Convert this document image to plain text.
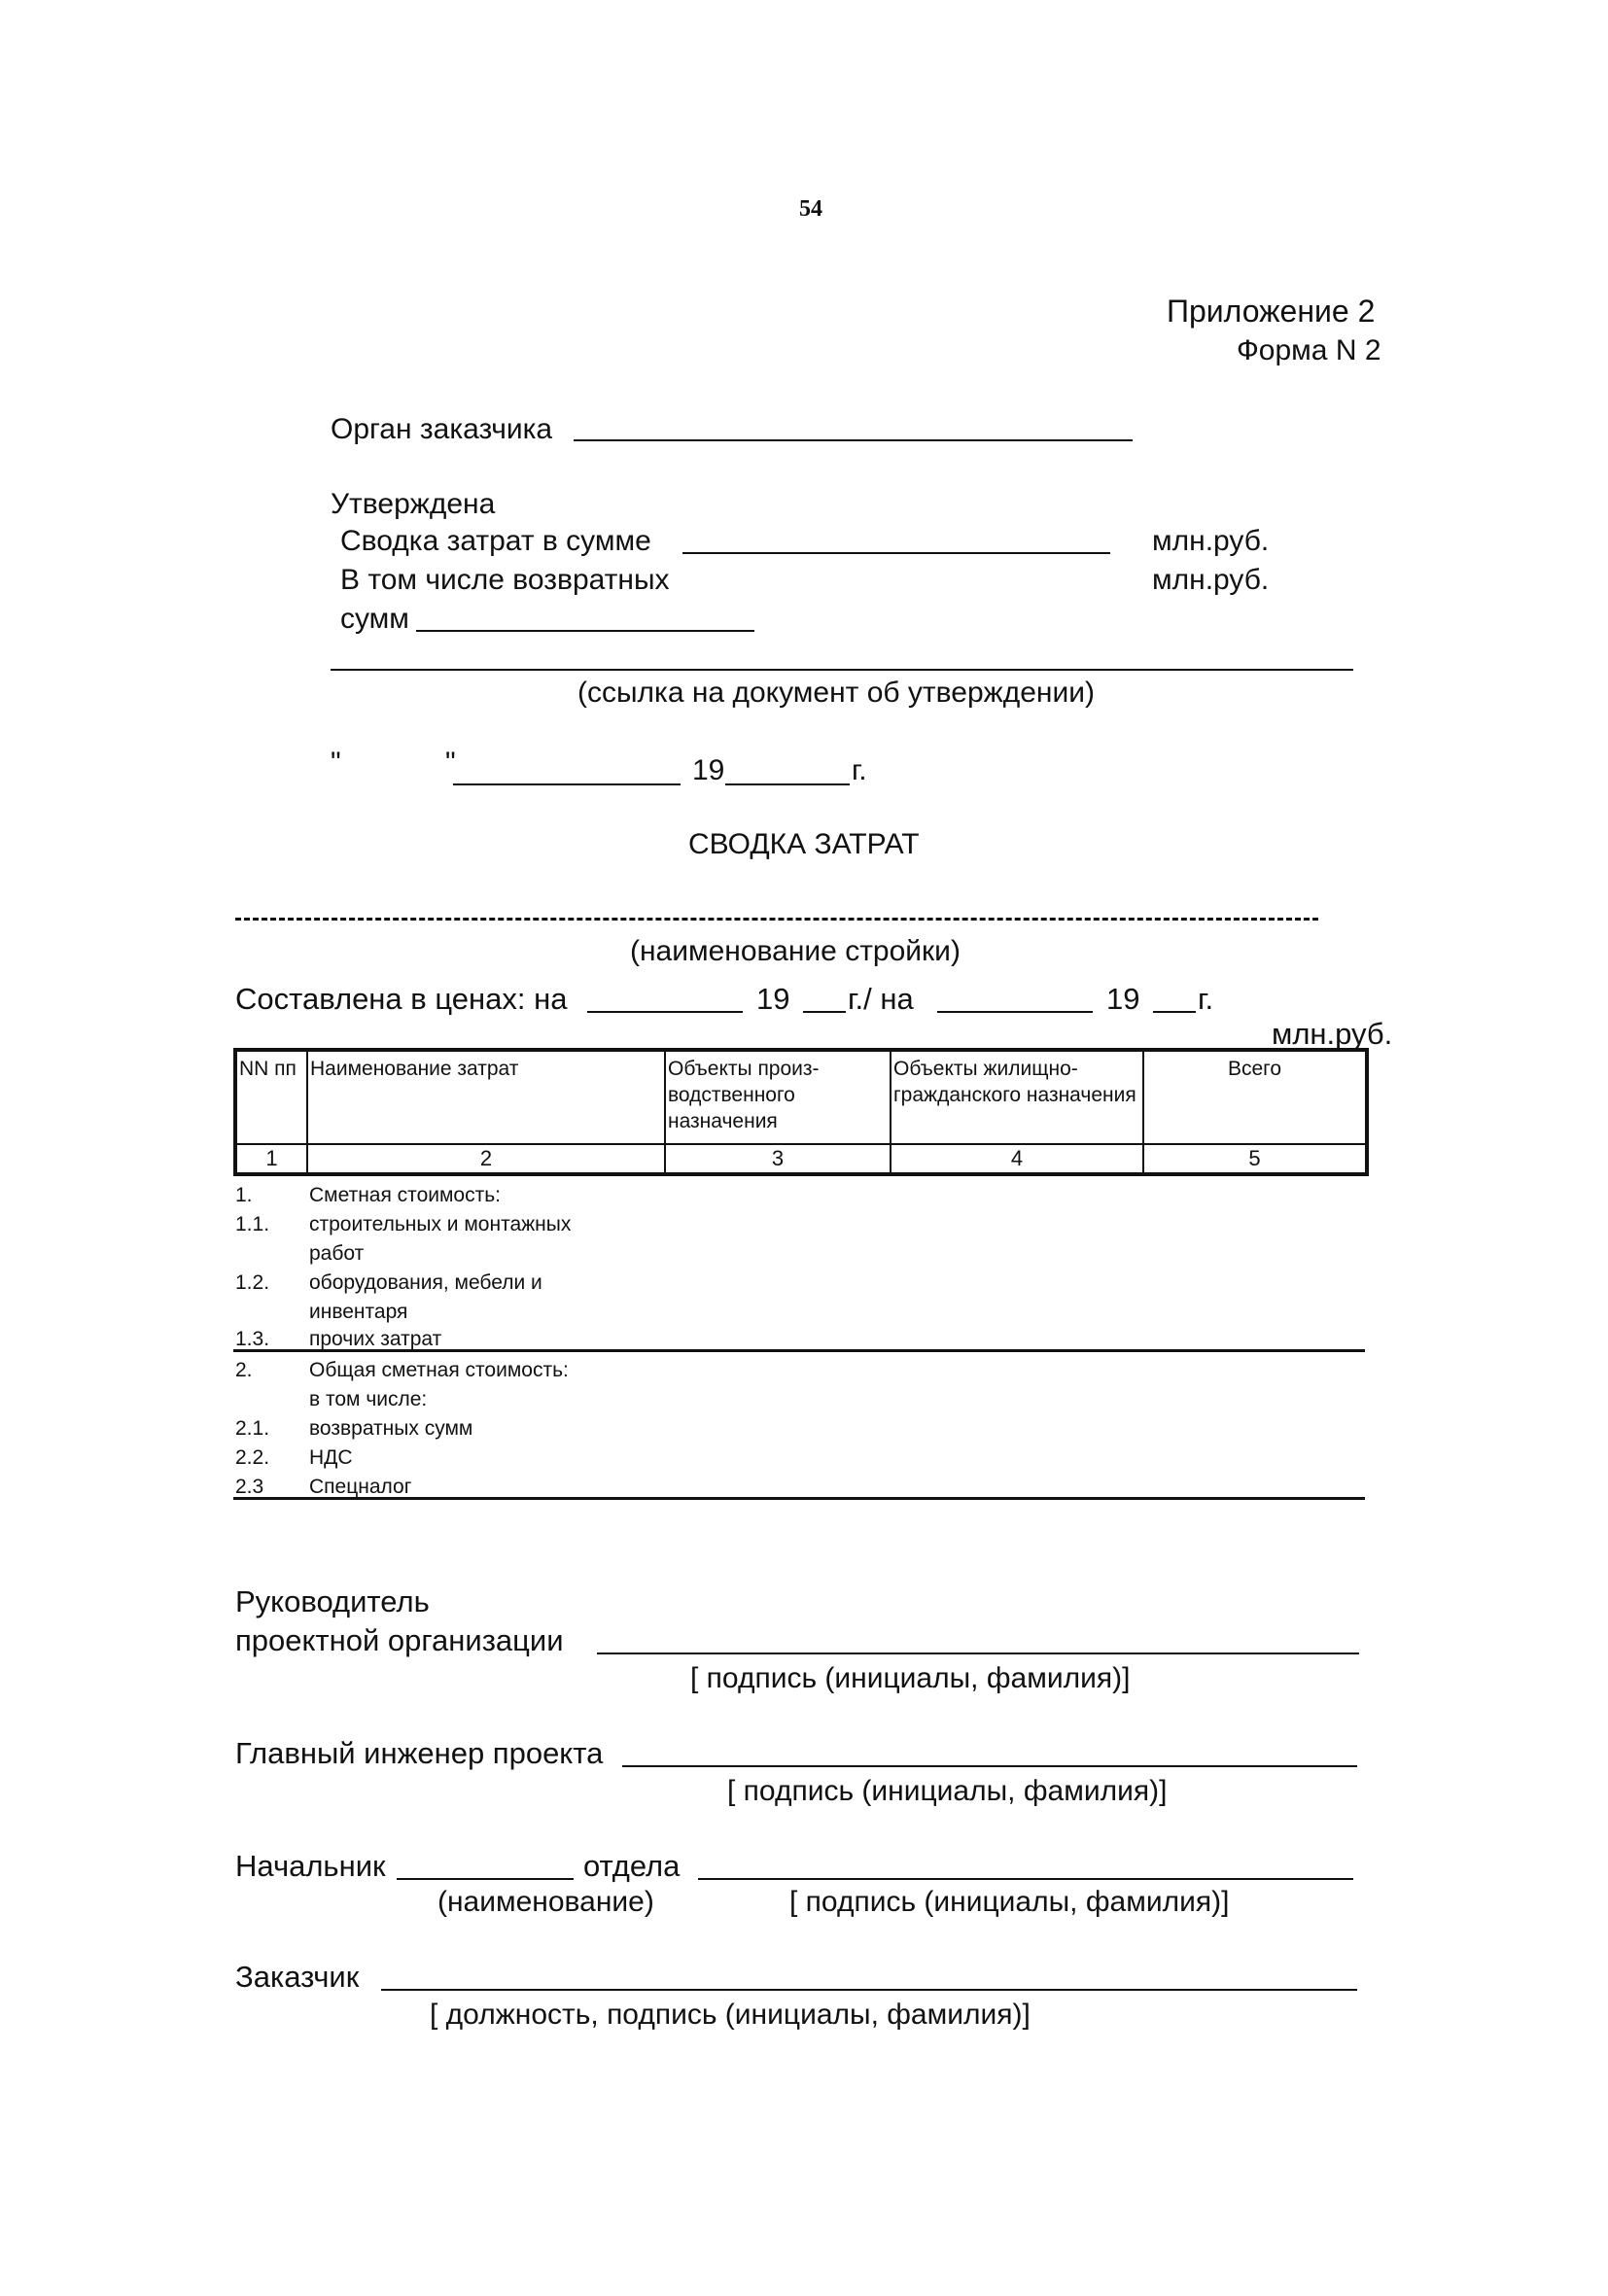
54
Приложение 2
Форма N 2
Орган заказчика
Утверждена
Сводка затрат в сумме	млн.руб.
В том числе возвратных	млн.руб.
сумм
(ссылка на документ об утверждении)
"	"	19	г.
СВОДКА ЗАТРАТ
(наименование стройки)
Составлена в ценах: на	19 г./ на	19 г.
млн.руб.
NN пп	Наименование затрат	Объекты произ- водственного назначения	Объекты жилищно- гражданского назначения	Всего
1	2	3	4	5
1.	Сметная стоимость:
1.1. строительных и монтажных
работ
1.2. оборудования, мебели и
инвентаря
1.3. прочих затрат
2.	Общая сметная стоимость:
в том числе:
2.1. возвратных сумм
2.2. НДС
2.3 Спецналог
Руководитель
проектной организации
[ подпись (инициалы, фамилия)]
Главный инженер проекта
[ подпись (инициалы, фамилия)]
Начальник	отдела
(наименование)	[ подпись (инициалы, фамилия)]
Заказчик
[ должность, подпись (инициалы, фамилия)]
